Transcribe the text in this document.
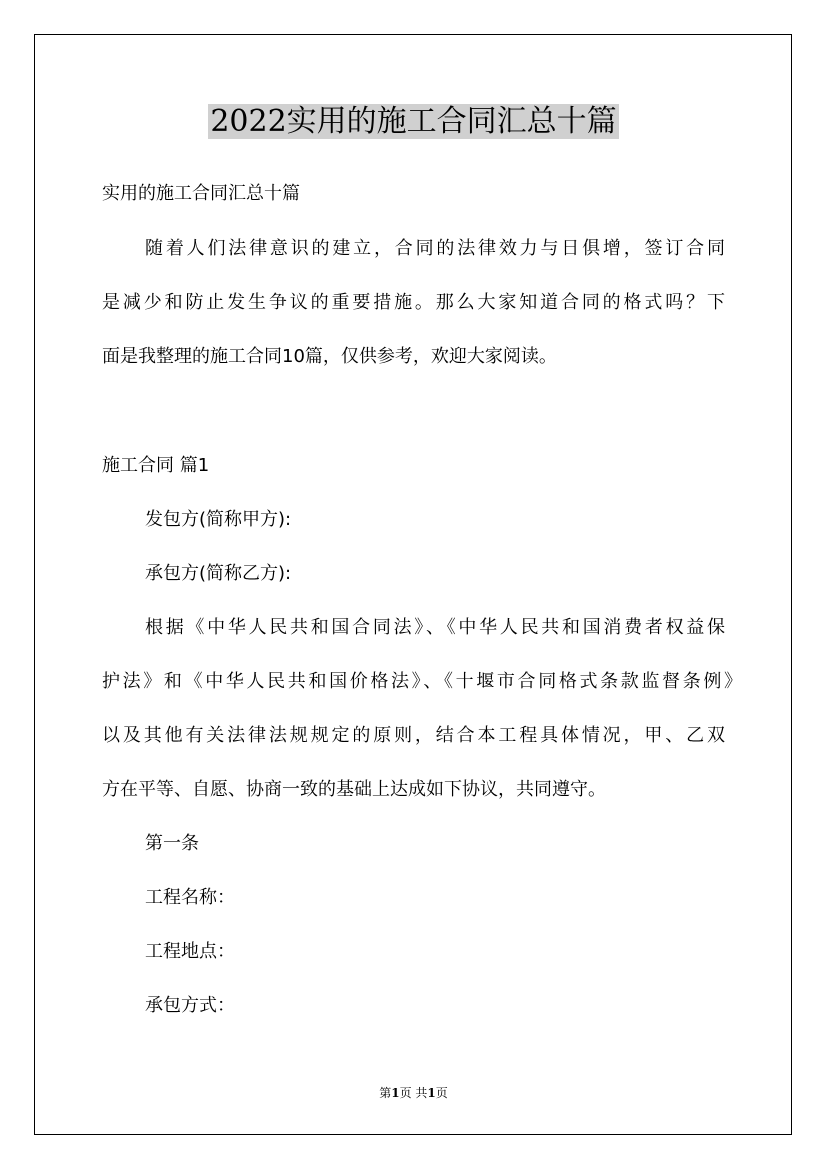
2022实用的施工合同汇总十篇
实用的施工合同汇总十篇
随着人们法律意识的建立，合同的法律效力与日俱增，签订合同
是减少和防止发生争议的重要措施。那么大家知道合同的格式吗？下
面是我整理的施工合同10篇，仅供参考，欢迎大家阅读。
施工合同 篇1
发包方(简称甲方):
承包方(简称乙方):
根据《中华人民共和国合同法》、《中华人民共和国消费者权益保
护法》和《中华人民共和国价格法》、《十堰市合同格式条款监督条例》
以及其他有关法律法规规定的原则，结合本工程具体情况，甲、乙双
方在平等、自愿、协商一致的基础上达成如下协议，共同遵守。
第一条
工程名称：
工程地点：
承包方式：
第1页 共1页
